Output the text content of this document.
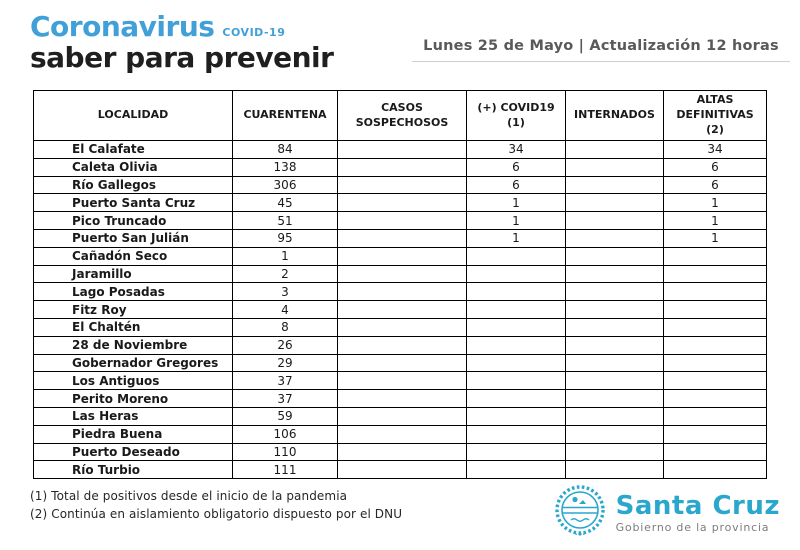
Coronavirus COVID-19
saber para prevenir	Lunes 25 de Mayo | Actualización 12 horas
LOCALIDAD	CUARENTENA	CASOS SOSPECHOSOS	(+) COVID19 (1)	INTERNADOS	ALTAS DEFINITIVAS (2)
El Calafate	84		34		34
Caleta Olivia	138		6		6
Río Gallegos	306		6		6
Puerto Santa Cruz	45		1		1
Pico Truncado	51		1		1
Puerto San Julián	95		1		1
Cañadón Seco	1				
Jaramillo	2				
Lago Posadas	3				
Fitz Roy	4				
El Chaltén	8				
28 de Noviembre	26				
Gobernador Gregores	29				
Los Antiguos	37				
Perito Moreno	37				
Las Heras	59				
Piedra Buena	106				
Puerto Deseado	110				
Río Turbio	111				
(1) Total de positivos desde el inicio de la pandemia
(2) Continúa en aislamiento obligatorio dispuesto por el DNU	Santa Cruz
Gobierno de la provincia
